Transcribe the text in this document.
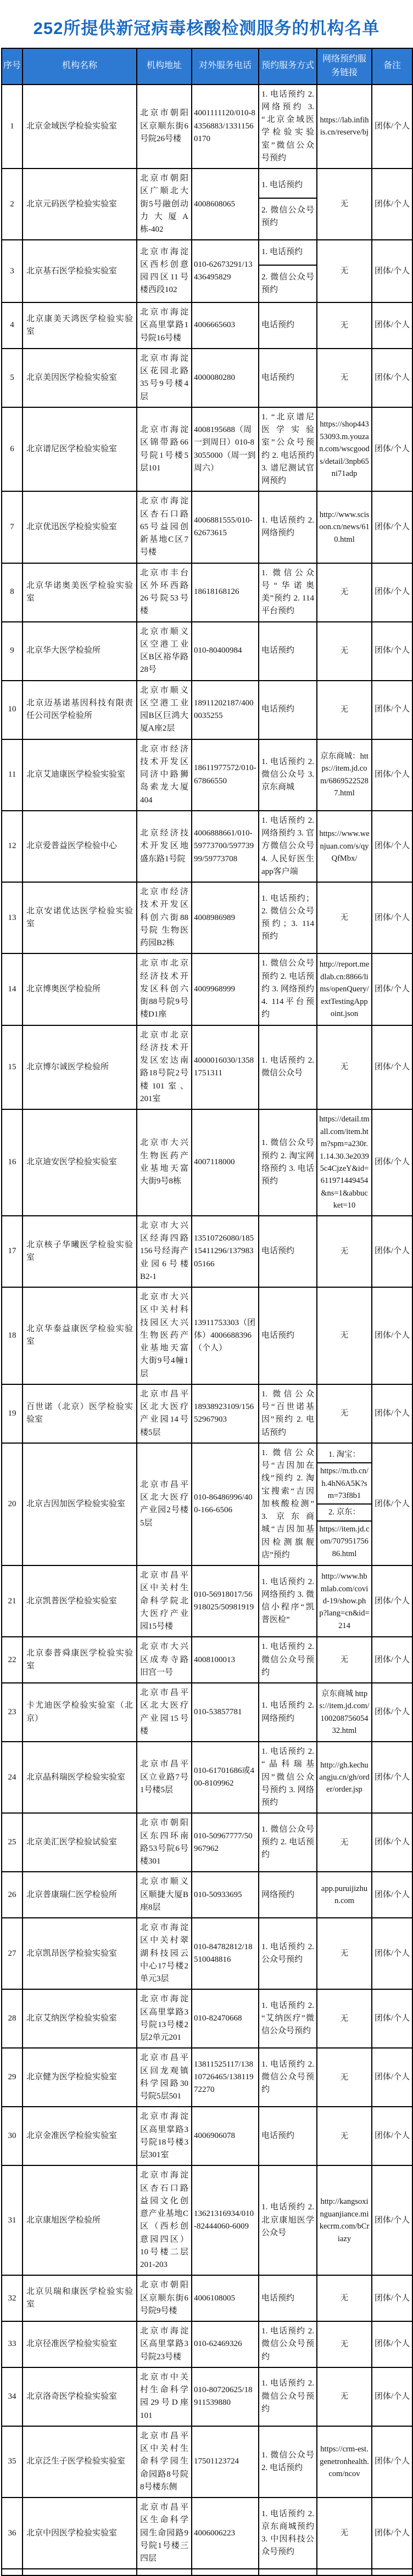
252所提供新冠病毒核酸检测服务的机构名单
序号	机构名称	机构地址	对外服务电话	预约服务方式	网络预约服务链接	备注
1	北京金域医学检验实验室	北京市朝阳区京顺东街6号院26号楼	4001111120/010-84356883/13311560170	1. 电话预约 2. 网络预约 3. “北京金域医学检验实验室”微信公众号预约	https://lab.infihis.cn/reserve/bj	团体/个人
2	北京元码医学检验实验室	北京市朝阳区广顺北大街5号融创动力大厦A栋-402	4008608065	1. 电话预约
2. 微信公众号预约	无	团体/个人
3	北京基石医学检验实验室	北京市海淀区西杉创意园四区11号楼西段102	010-62673291/13436495829	1. 电话预约
2. 微信公众号预约	无	团体/个人
4	北京康美天鸿医学检验实验室	北京市海淀区高里掌路1号院16号楼	4006665603	电话预约	无	团体/个人
5	北京美因医学检验实验室	北京市海淀区花园北路35号9号楼4层	4000080280	电话预约	无	团体/个人
6	北京谱尼医学检验实验室	北京市海淀区锦带路66号院1号楼5层101	4008195688（周一到周日）010-83055000（周一到周六）	1. “北京谱尼医学实验室”公众号预约 2. 电话预约 3. 谱尼测试官网预约	https://shop44353093.m.youzan.com/wscgoods/detail/3npb65ni71adp	团体/个人
7	北京优迅医学检验实验室	北京市海淀区杏石口路65号益园创新基地C区7号楼	4006881555/010-62673615	1. 电话预约 2. 网络预约	http://www.scisoon.cn/news/610.html	团体/个人
8	北京华诺奥美医学检验实验室	北京市丰台区外环西路26号院53号楼	18618168126	1. 微信公众号“华诺奥美”预约 2. 114平台预约	无	团体/个人
9	北京华大医学检验所	北京市顺义区空港工业区B区裕华路28号	010-80400984	电话预约	无	团体/个人
10	北京迈基诺基因科技有限责任公司医学检验所	北京市顺义区空港工业园B区巨鸿大厦A座2层	18911202187/4000035255	电话预约	无	团体/个人
11	北京艾迪康医学检验实验室	北京市经济技术开发区同济中路狮岛索龙大厦404	18611977572/010-67866550	1. 电话预约 2. 微信公众号 3. 京东商城	京东商城：https://item.jd.com/68695225287.html	团体/个人
12	北京爱普益医学检验中心	北京经济技术开发区地盛东路1号院	4006888661/010-59773700/59773999/59773708	1. 电话预约 2. 网络预约 3. 官方微信公众号 4. 人民好医生app客户端	https://www.wenjuan.com/s/qyQfMbx/	团体/个人
13	北京安诺优达医学检验实验室	北京市经济技术开发区科创六街88号院 生物医药园B2栋	4008986989	1. 电话预约；2. 微信公众号预约；3. 114预约	无	团体/个人
14	北京博奥医学检验所	北京市北京经济技术开发区科创六街88号院9号楼D1座	4009968999	1. 微信公众号预约 2. 电话预约 3. 网络预约 4. 114平台预约	http://report.medlab.cn:8866/lims/openQuery/extTestingAppoint.json	团体/个人
15	北京博尔诚医学检验所	北京市北京经济技术开发区宏达南路18号院2号楼101室、201室	4000016030/13581751311	1. 电话预约 2. 微信公众号	无	团体/个人
16	北京迪安医学检验实验室	北京市大兴生物医药产业基地天富大街9号8栋	4007118000	1. 微信公众号预约 2. 淘宝网络预约 3. 电话预约	https://detail.tmall.com/item.htm?spm=a230r.1.14.30.3e20395c4CjzeY&id=611971449454&ns=1&abbucket=10	团体/个人
17	北京核子华曦医学检验实验室	北京市大兴区经海四路156号经海产业园6号楼B2-1	13510726080/18515411296/13798305166	电话预约	无	团体/个人
18	北京华泰益康医学检验实验室	北京市大兴区中关村科技园区大兴生物医药产业基地天富大街9号4幢1层	13911753303（团体）4006688396（个人）	电话预约	无	团体/个人
19	百世诺（北京）医学检验实验室	北京市昌平区北大医疗产业园14号楼5层	18938923109/15652967903	1. 微信公众号“百世诺基因”预约 2. 电话预约	无	团体/个人
20	北京吉因加医学检验实验室	北京市昌平区北大医疗产业园2号楼5层	010-86486996/400-166-6506	1. 微信公众号“吉因加在线”预约 2. 淘宝搜索“吉因加核酸检测” 3. 京东商城“吉因加基因检测旗舰店”预约	1. 淘宝：
https://m.tb.cn/h.4hN6A5K?sm=73f8b1
2. 京东：
https://item.jd.com/70795175686.html	团体/个人
21	北京凯普医学检验实验室	北京市昌平区中关村生命科学院北大医疗产业园15号楼	010-56918017/56918025/50981919	1. 电话预约 2. 网络预约 3. 微信小程序“凯普医检”	http://www.hbmlab.com/covid-19/show.php?lang=cn&id=214	团体/个人
22	北京泰普舜康医学检验实验室	北京市大兴区成寿寺路旧宫一号	4008100013	1. 电话预约 2. 微信公众号预约	无	团体/个人
23	卡尤迪医学检验实验室（北京）	北京市昌平区北大医疗产业园15号楼	010-53857781	1. 电话预约 2. 网络预约	京东商城 https://item.jd.com/10020875605432.html	团体/个人
24	北京晶科瑞医学检验实验室	北京市昌平区立业路7号1号楼5层	010-61701686或400-8109962	1. 电话预约 2. “晶科瑞基因”微信公众号预约 3. 网络预约	http://gh.kechuangju.cn/gh/order/order.jsp	团体/个人
25	北京美汇医学检验试验室	北京市朝阳区东四环南路53号院6号楼301	010-50967777/50967962	1. 微信公众号预约 2. 电话预约	无	团体/个人
26	北京普康瑞仁医学检验所	北京市顺义区顺捷大厦B座8层	010-50933695	网络预约	app.puruijizhun.com	团体/个人
27	北京凯昂医学检验实验室	北京市海淀区中关村翠湖科技园云中心17号楼2单元3层	010-84782812/18510048816	1. 电话预约 2. 公众号预约	无	团体/个人
28	北京艾纳医学检验实验室	北京市海淀区高里掌路3号院13号楼2层2单元201	010-82470668	1. 电话预约 2. “艾纳医疗”微信公众号预约	无	团体/个人
29	北京健为医学检验实验室	北京市昌平区回龙观镇科学园路30号院5层501	13811525117/13810726465/13811972270	1. 电话预约 2. 微信公众号预约	无	团体/个人
30	北京金准医学检验实验室	北京市海淀区高里掌路3号院18号楼3层301室	4006906078	电话预约	无	团体/个人
31	北京康旭医学检验所	北京市海淀区杏石口路益园文化创意产业基地C区（西杉创意园四区）10号楼二层201-203	13621316934/010-82444060-6009	1. 电话预约 2. 北京康旭医学公众号	http://kangsoxinguanjiance.mikecrm.com/bCriazy	团体/个人
32	北京贝瑞和康医学检验实验室	北京市朝阳区京顺东街6号院9号楼	4006108005	电话预约	无	团体/个人
33	北京径准医学检验实验室	北京市海淀区高里掌路3号院23号楼	010-62469326	1. 电话预约 2. 微信公众号预约	无	团体/个人
34	北京洛奇医学检验实验室	北京市中关村生命科学园29号D座101	010-80720625/18911539880	1. 电话预约 2. 微信公众号预约	无	团体/个人
35	北京泛生子医学检验实验室	北京市昌平区中关村生命科学园生命园路8号院 8号楼东侧	17501123724	1. 微信公众号 2. 电话预约	https://crm-est.genetronhealth.com/ncov	团体/个人
36	北京中因医学检验实验室	北京市昌平区生命科学园生命园路9号院1号楼三四层	4006006223	1. 电话预约 2. 京东商城预约 3. 中因科技公众号预约	无	团体/个人
